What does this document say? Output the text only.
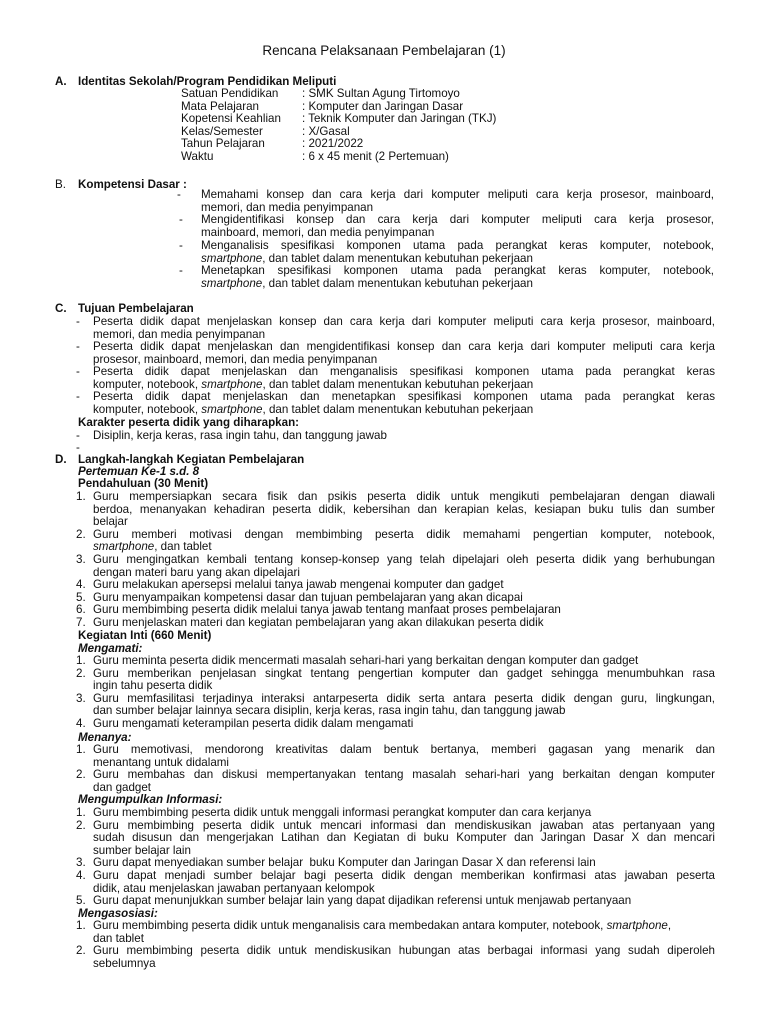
Rencana Pelaksanaan Pembelajaran (1)
A. Identitas Sekolah/Program Pendidikan Meliputi
Satuan Pendidikan	: SMK Sultan Agung Tirtomoyo
Mata Pelajaran	: Komputer dan Jaringan Dasar
Kopetensi Keahlian	: Teknik Komputer dan Jaringan (TKJ)
Kelas/Semester	: X/Gasal
Tahun Pelajaran	: 2021/2022
Waktu	: 6 x 45 menit (2 Pertemuan)
B. Kompetensi Dasar :
- Memahami konsep dan cara kerja dari komputer meliputi cara kerja prosesor, mainboard,
memori, dan media penyimpanan
- Mengidentifikasi konsep dan cara kerja dari komputer meliputi cara kerja prosesor,
mainboard, memori, dan media penyimpanan
- Menganalisis spesifikasi komponen utama pada perangkat keras komputer, notebook,
smartphone, dan tablet dalam menentukan kebutuhan pekerjaan
- Menetapkan spesifikasi komponen utama pada perangkat keras komputer, notebook,
smartphone, dan tablet dalam menentukan kebutuhan pekerjaan
C. Tujuan Pembelajaran
- Peserta didik dapat menjelaskan konsep dan cara kerja dari komputer meliputi cara kerja prosesor, mainboard,
memori, dan media penyimpanan
- Peserta didik dapat menjelaskan dan mengidentifikasi konsep dan cara kerja dari komputer meliputi cara kerja
prosesor, mainboard, memori, dan media penyimpanan
- Peserta didik dapat menjelaskan dan menganalisis spesifikasi komponen utama pada perangkat keras
komputer, notebook, smartphone, dan tablet dalam menentukan kebutuhan pekerjaan
- Peserta didik dapat menjelaskan dan menetapkan spesifikasi komponen utama pada perangkat keras
komputer, notebook, smartphone, dan tablet dalam menentukan kebutuhan pekerjaan
Karakter peserta didik yang diharapkan:
- Disiplin, kerja keras, rasa ingin tahu, dan tanggung jawab
-
D. Langkah-langkah Kegiatan Pembelajaran
Pertemuan Ke-1 s.d. 8
Pendahuluan (30 Menit)
1. Guru mempersiapkan secara fisik dan psikis peserta didik untuk mengikuti pembelajaran dengan diawali
berdoa, menanyakan kehadiran peserta didik, kebersihan dan kerapian kelas, kesiapan buku tulis dan sumber
belajar
2. Guru memberi motivasi dengan membimbing peserta didik memahami pengertian komputer, notebook,
smartphone, dan tablet
3. Guru mengingatkan kembali tentang konsep-konsep yang telah dipelajari oleh peserta didik yang berhubungan
dengan materi baru yang akan dipelajari
4. Guru melakukan apersepsi melalui tanya jawab mengenai komputer dan gadget
5. Guru menyampaikan kompetensi dasar dan tujuan pembelajaran yang akan dicapai
6. Guru membimbing peserta didik melalui tanya jawab tentang manfaat proses pembelajaran
7. Guru menjelaskan materi dan kegiatan pembelajaran yang akan dilakukan peserta didik
Kegiatan Inti (660 Menit)
Mengamati:
1. Guru meminta peserta didik mencermati masalah sehari-hari yang berkaitan dengan komputer dan gadget
2. Guru memberikan penjelasan singkat tentang pengertian komputer dan gadget sehingga menumbuhkan rasa
ingin tahu peserta didik
3. Guru memfasilitasi terjadinya interaksi antarpeserta didik serta antara peserta didik dengan guru, lingkungan,
dan sumber belajar lainnya secara disiplin, kerja keras, rasa ingin tahu, dan tanggung jawab
4. Guru mengamati keterampilan peserta didik dalam mengamati
Menanya:
1. Guru memotivasi, mendorong kreativitas dalam bentuk bertanya, memberi gagasan yang menarik dan
menantang untuk didalami
2. Guru membahas dan diskusi mempertanyakan tentang masalah sehari-hari yang berkaitan dengan komputer
dan gadget
Mengumpulkan Informasi:
1. Guru membimbing peserta didik untuk menggali informasi perangkat komputer dan cara kerjanya
2. Guru membimbing peserta didik untuk mencari informasi dan mendiskusikan jawaban atas pertanyaan yang
sudah disusun dan mengerjakan Latihan dan Kegiatan di buku Komputer dan Jaringan Dasar X dan mencari
sumber belajar lain
3. Guru dapat menyediakan sumber belajar  buku Komputer dan Jaringan Dasar X dan referensi lain
4. Guru dapat menjadi sumber belajar bagi peserta didik dengan memberikan konfirmasi atas jawaban peserta
didik, atau menjelaskan jawaban pertanyaan kelompok
5. Guru dapat menunjukkan sumber belajar lain yang dapat dijadikan referensi untuk menjawab pertanyaan
Mengasosiasi:
1. Guru membimbing peserta didik untuk menganalisis cara membedakan antara komputer, notebook, smartphone,
dan tablet
2. Guru membimbing peserta didik untuk mendiskusikan hubungan atas berbagai informasi yang sudah diperoleh
sebelumnya
